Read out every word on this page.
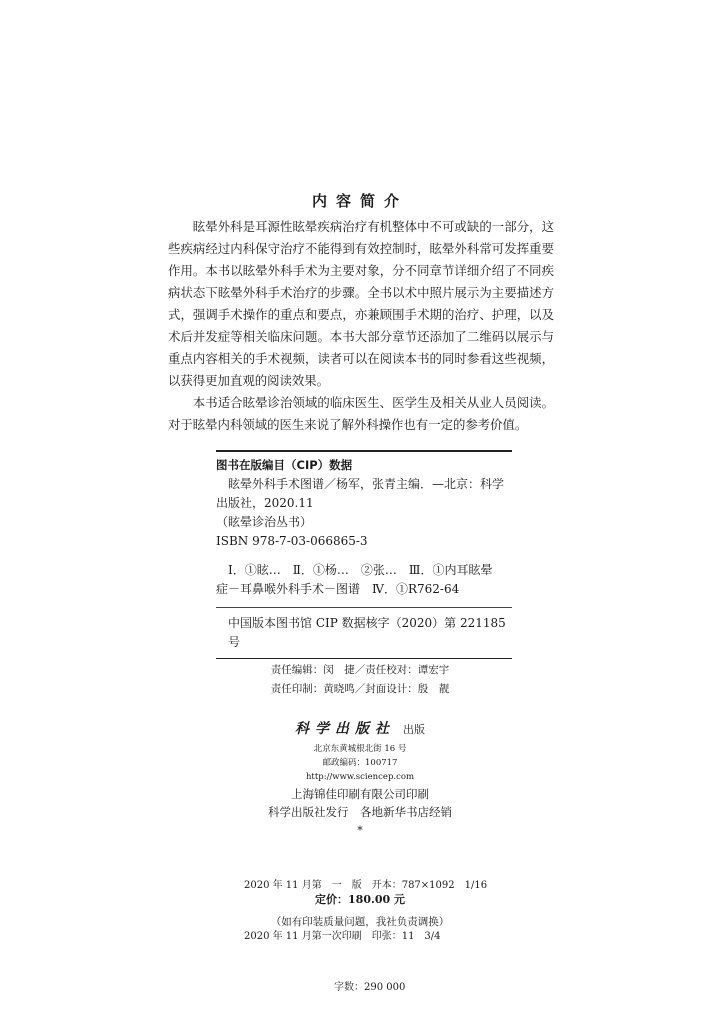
内容简介

眩晕外科是耳源性眩晕疾病治疗有机整体中不可或缺的一部分，这些疾病经过内科保守治疗不能得到有效控制时，眩晕外科常可发挥重要作用。本书以眩晕外科手术为主要对象，分不同章节详细介绍了不同疾病状态下眩晕外科手术治疗的步骤。全书以术中照片展示为主要描述方式，强调手术操作的重点和要点，亦兼顾围手术期的治疗、护理，以及术后并发症等相关临床问题。本书大部分章节还添加了二维码以展示与重点内容相关的手术视频，读者可以在阅读本书的同时参看这些视频，以获得更加直观的阅读效果。

本书适合眩晕诊治领域的临床医生、医学生及相关从业人员阅读。对于眩晕内科领域的医生来说了解外科操作也有一定的参考价值。

图书在版编目（CIP）数据
眩晕外科手术图谱／杨军，张青主编．—北京：科学
出版社，2020.11
（眩晕诊治丛书）
ISBN 978-7-03-066865-3
Ⅰ．①眩…　Ⅱ．①杨…　②张…　Ⅲ．①内耳眩晕
症－耳鼻喉外科手术－图谱　Ⅳ．①R762-64
中国版本图书馆 CIP 数据核字（2020）第 221185 号
责任编辑：闵　捷／责任校对：谭宏宇
责任印制：黄晓鸣／封面设计：殷　靓
科学出版社 出版
北京东黄城根北街 16 号
邮政编码：100717
http://www.sciencep.com
上海锦佳印刷有限公司印刷
科学出版社发行　各地新华书店经销
*

2020 年 11 月第　一　版　开本：787×1092　1/16

2020 年 11 月第一次印刷　印张：11　3/4

　　　　　　　　　字数：290 000

定价：180.00 元
（如有印装质量问题，我社负责调换）
